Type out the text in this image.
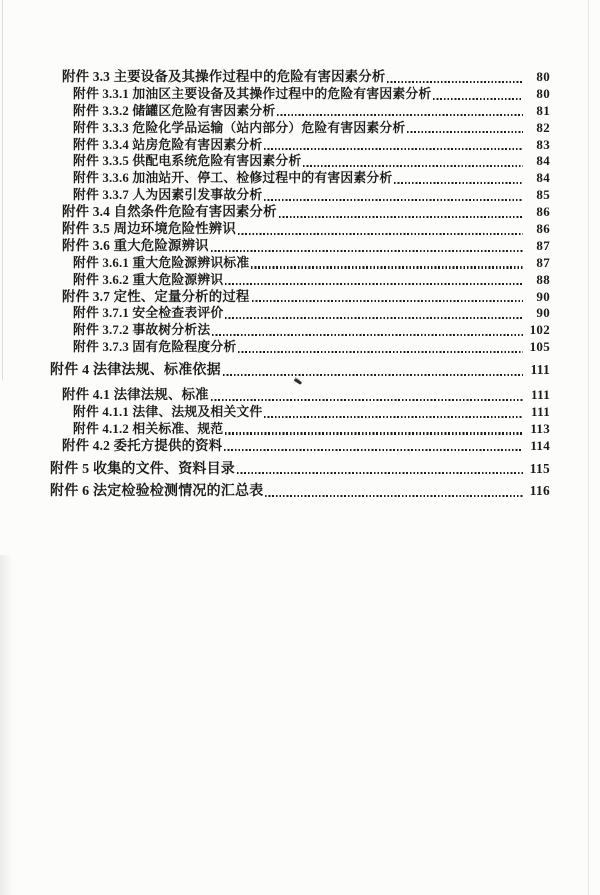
附件 3.3 主要设备及其操作过程中的危险有害因素分析	80
附件 3.3.1 加油区主要设备及其操作过程中的危险有害因素分析	80
附件 3.3.2 储罐区危险有害因素分析	81
附件 3.3.3 危险化学品运输（站内部分）危险有害因素分析	82
附件 3.3.4 站房危险有害因素分析	83
附件 3.3.5 供配电系统危险有害因素分析	84
附件 3.3.6 加油站开、停工、检修过程中的有害因素分析	84
附件 3.3.7 人为因素引发事故分析	85
附件 3.4 自然条件危险有害因素分析	86
附件 3.5 周边环境危险性辨识	86
附件 3.6 重大危险源辨识	87
附件 3.6.1 重大危险源辨识标准	87
附件 3.6.2 重大危险源辨识	88
附件 3.7 定性、定量分析的过程	90
附件 3.7.1 安全检查表评价	90
附件 3.7.2 事故树分析法	102
附件 3.7.3 固有危险程度分析	105
附件 4 法律法规、标准依据	111
附件 4.1 法律法规、标准	111
附件 4.1.1 法律、法规及相关文件	111
附件 4.1.2 相关标准、规范	113
附件 4.2 委托方提供的资料	114
附件 5 收集的文件、资料目录	115
附件 6 法定检验检测情况的汇总表	116
